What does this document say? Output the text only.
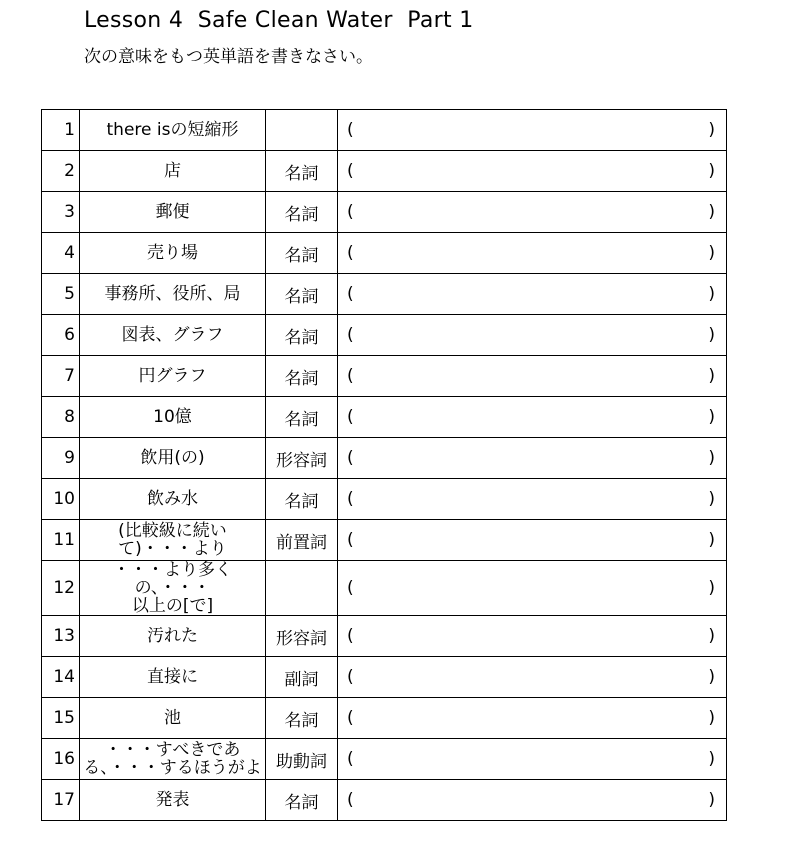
Lesson 4  Safe Clean Water  Part 1
次の意味をもつ英単語を書きなさい。
1	there isの短縮形		( )

2	店	名詞	( )

3	郵便	名詞	( )

4	売り場	名詞	( )

5	事務所、役所、局	名詞	( )

6	図表、グラフ	名詞	( )

7	円グラフ	名詞	( )

8	10億	名詞	( )

9	飲用(の)	形容詞	( )

10	飲み水	名詞	( )

11	(比較級に続い
て)・・・より	前置詞	( )

12	・・・より多くの、・・・
以上の[で]		( )

13	汚れた	形容詞	( )

14	直接に	副詞	( )

15	池	名詞	( )

16	・・・すべきであ
る、・・・するほうがよ	助動詞	( )

17	発表	名詞	( )
